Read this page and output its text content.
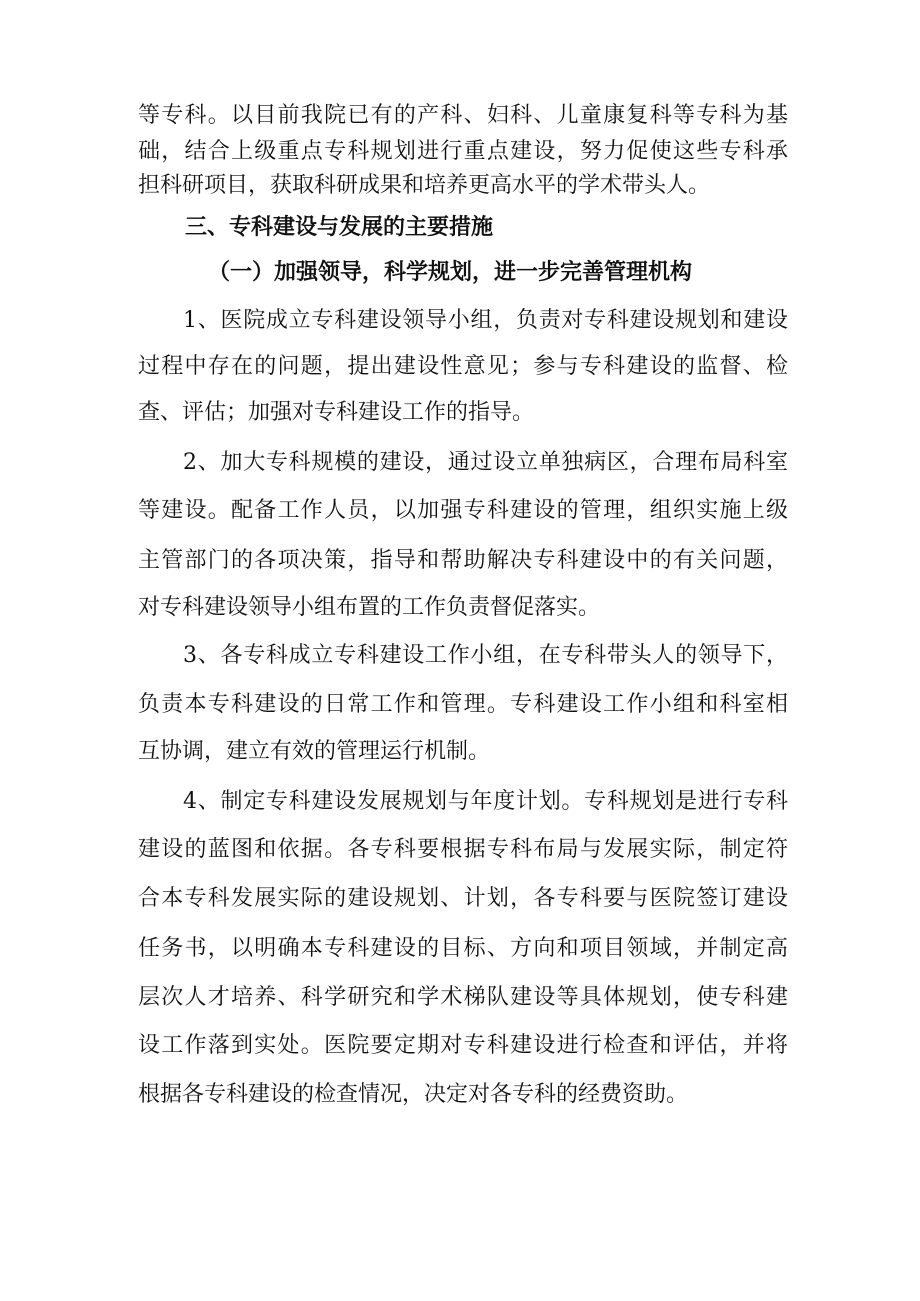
等专科。以目前我院已有的产科、妇科、儿童康复科等专科为基
础，结合上级重点专科规划进行重点建设，努力促使这些专科承
担科研项目，获取科研成果和培养更高水平的学术带头人。
三、专科建设与发展的主要措施
（一）加强领导，科学规划，进一步完善管理机构
1、医院成立专科建设领导小组，负责对专科建设规划和建设
过程中存在的问题，提出建设性意见；参与专科建设的监督、检
查、评估；加强对专科建设工作的指导。
2、加大专科规模的建设，通过设立单独病区，合理布局科室
等建设。配备工作人员，以加强专科建设的管理，组织实施上级
主管部门的各项决策，指导和帮助解决专科建设中的有关问题，
对专科建设领导小组布置的工作负责督促落实。
3、各专科成立专科建设工作小组，在专科带头人的领导下，
负责本专科建设的日常工作和管理。专科建设工作小组和科室相
互协调，建立有效的管理运行机制。
4、制定专科建设发展规划与年度计划。专科规划是进行专科
建设的蓝图和依据。各专科要根据专科布局与发展实际，制定符
合本专科发展实际的建设规划、计划，各专科要与医院签订建设
任务书，以明确本专科建设的目标、方向和项目领域，并制定高
层次人才培养、科学研究和学术梯队建设等具体规划，使专科建
设工作落到实处。医院要定期对专科建设进行检查和评估，并将
根据各专科建设的检查情况，决定对各专科的经费资助。
